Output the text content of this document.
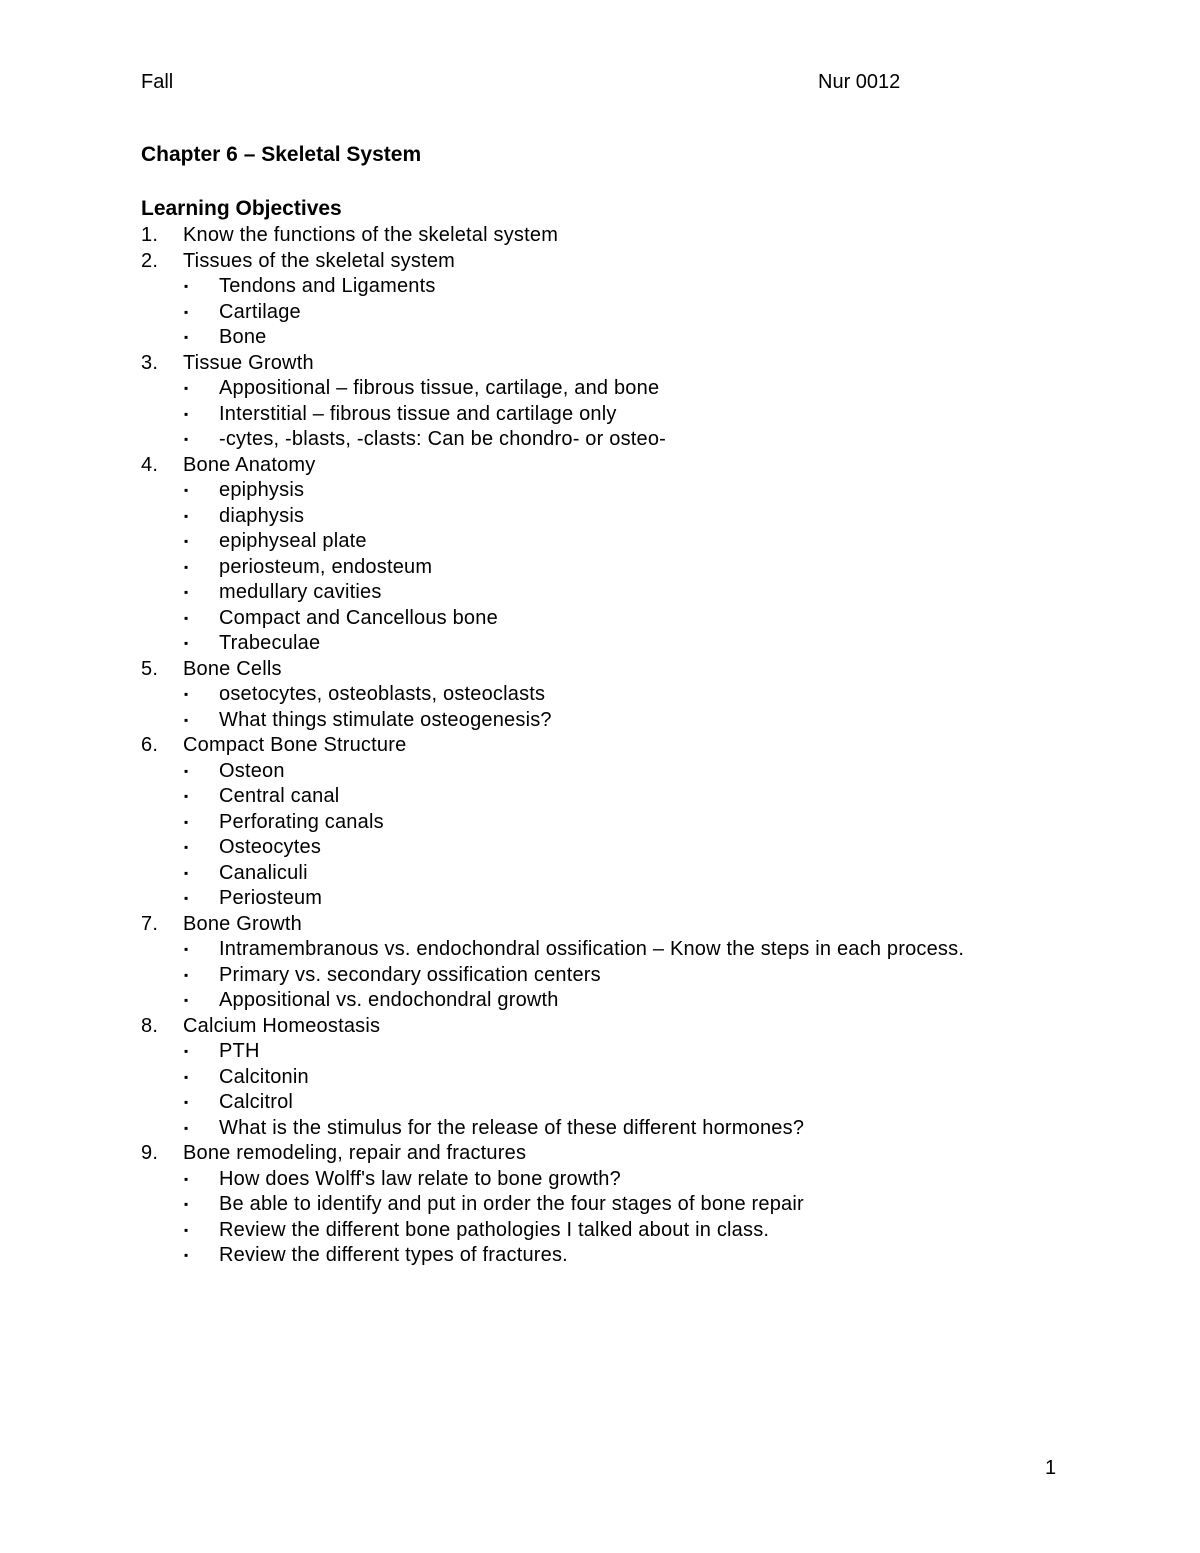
Fall	Nur 0012
Chapter 6 – Skeletal System
Learning Objectives
1. Know the functions of the skeletal system
2. Tissues of the skeletal system
▪ Tendons and Ligaments
▪ Cartilage
▪ Bone
3. Tissue Growth
▪ Appositional – fibrous tissue, cartilage, and bone
▪ Interstitial – fibrous tissue and cartilage only
▪ -cytes, -blasts, -clasts: Can be chondro- or osteo-
4. Bone Anatomy
▪ epiphysis
▪ diaphysis
▪ epiphyseal plate
▪ periosteum, endosteum
▪ medullary cavities
▪ Compact and Cancellous bone
▪ Trabeculae
5. Bone Cells
▪ osetocytes, osteoblasts, osteoclasts
▪ What things stimulate osteogenesis?
6. Compact Bone Structure
▪ Osteon
▪ Central canal
▪ Perforating canals
▪ Osteocytes
▪ Canaliculi
▪ Periosteum
7. Bone Growth
▪ Intramembranous vs. endochondral ossification – Know the steps in each process.
▪ Primary vs. secondary ossification centers
▪ Appositional vs. endochondral growth
8. Calcium Homeostasis
▪ PTH
▪ Calcitonin
▪ Calcitrol
▪ What is the stimulus for the release of these different hormones?
9. Bone remodeling, repair and fractures
▪ How does Wolff's law relate to bone growth?
▪ Be able to identify and put in order the four stages of bone repair
▪ Review the different bone pathologies I talked about in class.
▪ Review the different types of fractures.
1
